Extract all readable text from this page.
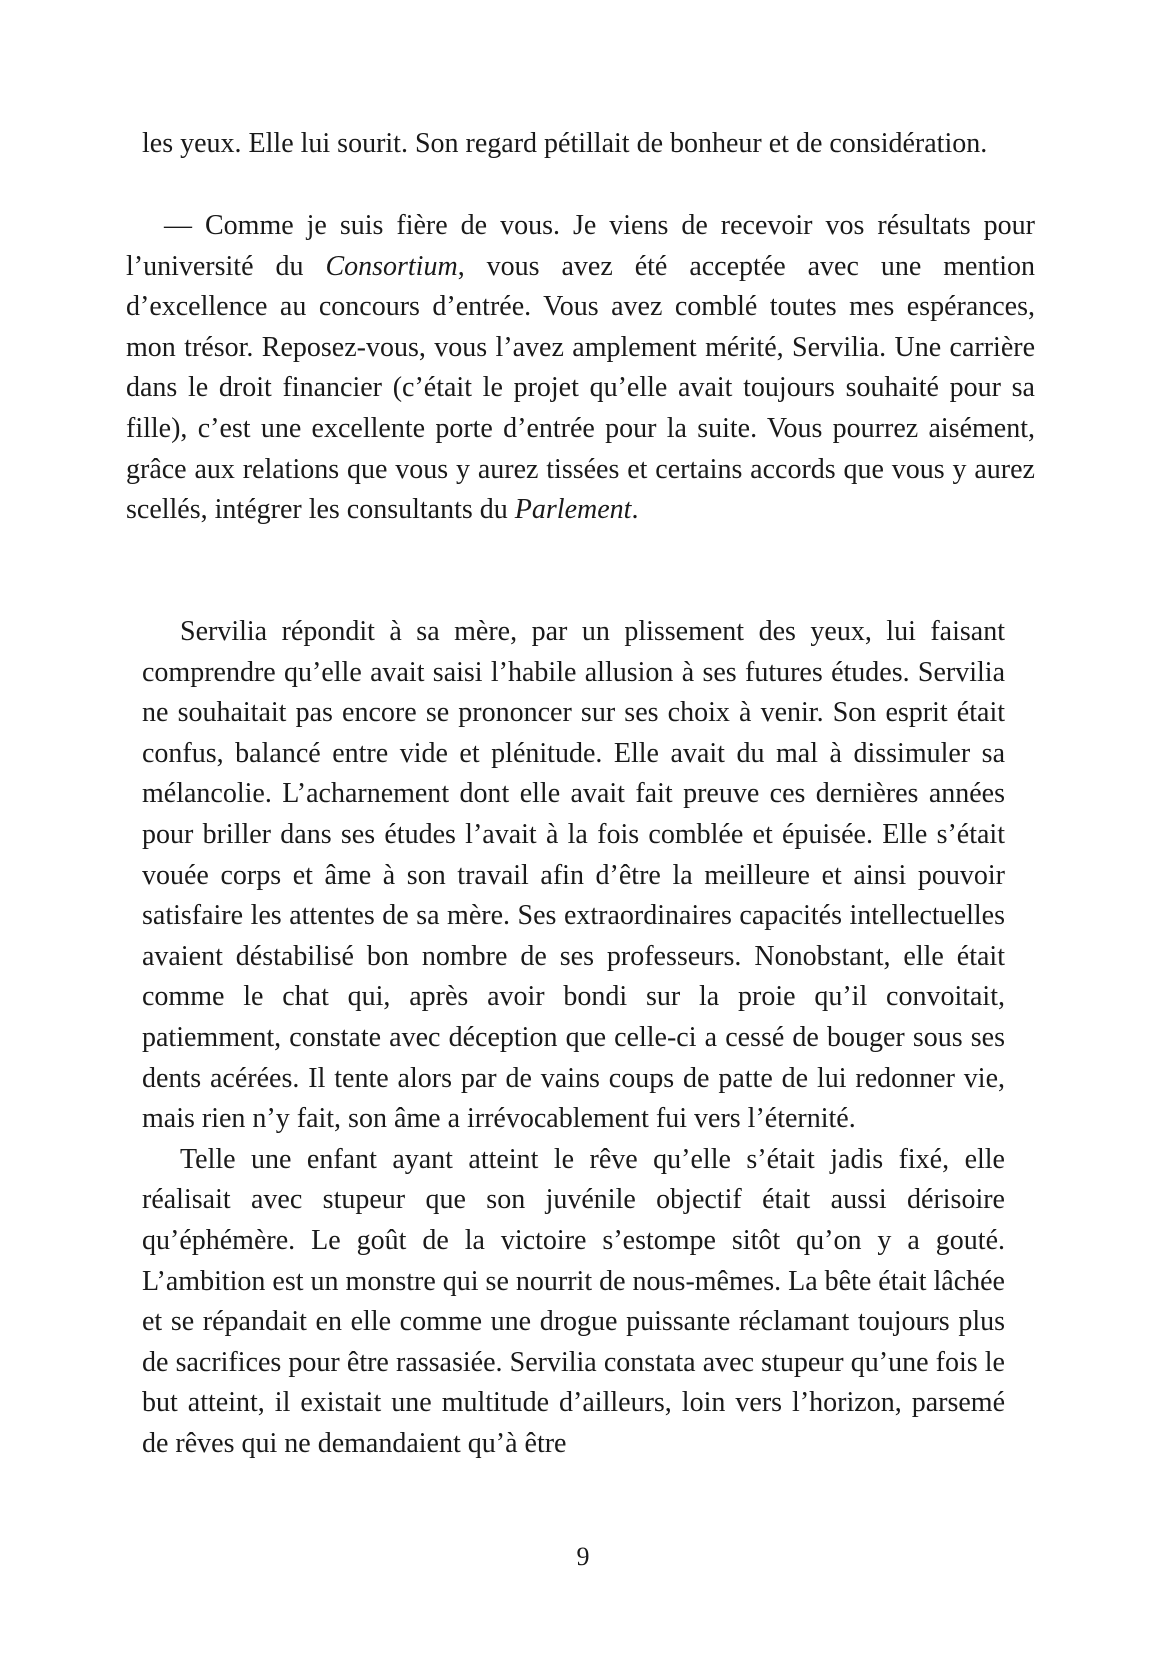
les yeux. Elle lui sourit. Son regard pétillait de bonheur et de considération.

— Comme je suis fière de vous. Je viens de recevoir vos résultats pour l’université du Consortium, vous avez été acceptée avec une mention d’excellence au concours d’entrée. Vous avez comblé toutes mes espérances, mon trésor. Reposez-vous, vous l’avez amplement mérité, Servilia. Une carrière dans le droit financier (c’était le projet qu’elle avait toujours souhaité pour sa fille), c’est une excellente porte d’entrée pour la suite. Vous pourrez aisément, grâce aux relations que vous y aurez tissées et certains accords que vous y aurez scellés, intégrer les consultants du Parlement.

Servilia répondit à sa mère, par un plissement des yeux, lui faisant comprendre qu’elle avait saisi l’habile allusion à ses futures études. Servilia ne souhaitait pas encore se prononcer sur ses choix à venir. Son esprit était confus, balancé entre vide et plénitude. Elle avait du mal à dissimuler sa mélancolie. L’acharnement dont elle avait fait preuve ces dernières années pour briller dans ses études l’avait à la fois comblée et épuisée. Elle s’était vouée corps et âme à son travail afin d’être la meilleure et ainsi pouvoir satisfaire les attentes de sa mère. Ses extraordinaires capacités intellectuelles avaient déstabilisé bon nombre de ses professeurs. Nonobstant, elle était comme le chat qui, après avoir bondi sur la proie qu’il convoitait, patiemment, constate avec déception que celle-ci a cessé de bouger sous ses dents acérées. Il tente alors par de vains coups de patte de lui redonner vie, mais rien n’y fait, son âme a irrévocablement fui vers l’éternité.

Telle une enfant ayant atteint le rêve qu’elle s’était jadis fixé, elle réalisait avec stupeur que son juvénile objectif était aussi dérisoire qu’éphémère. Le goût de la victoire s’estompe sitôt qu’on y a gouté. L’ambition est un monstre qui se nourrit de nous-mêmes. La bête était lâchée et se répandait en elle comme une drogue puissante réclamant toujours plus de sacrifices pour être rassasiée. Servilia constata avec stupeur qu’une fois le but atteint, il existait une multitude d’ailleurs, loin vers l’horizon, parsemé de rêves qui ne demandaient qu’à être

9
